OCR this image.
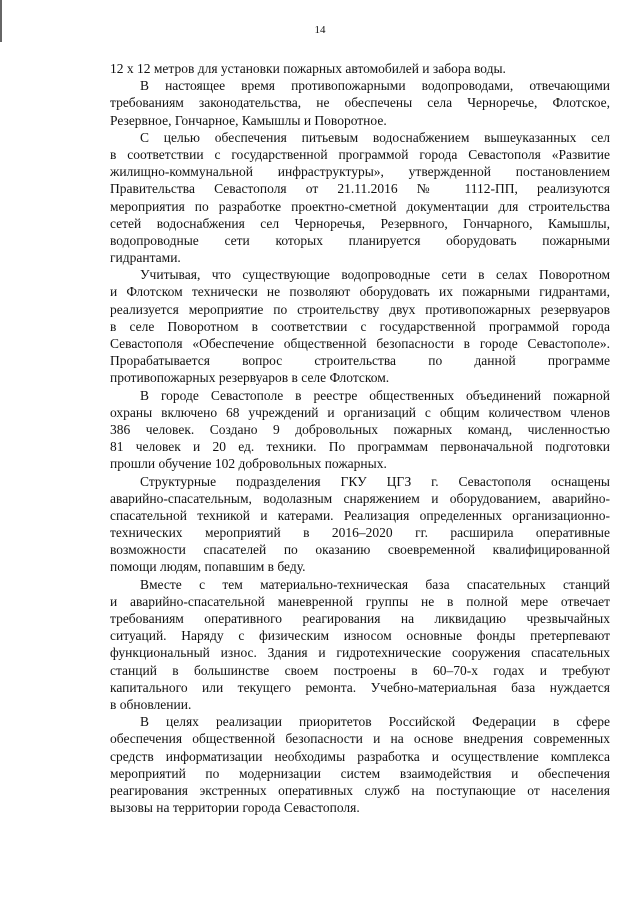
14
12 x 12 метров для установки пожарных автомобилей и забора воды.
В настоящее время противопожарными водопроводами, отвечающими
требованиям законодательства, не обеспечены села Черноречье, Флотское,
Резервное, Гончарное, Камышлы и Поворотное.
С целью обеспечения питьевым водоснабжением вышеуказанных сел
в соответствии с государственной программой города Севастополя «Развитие
жилищно-коммунальной инфраструктуры», утвержденной постановлением
Правительства Севастополя от 21.11.2016 № 1112-ПП, реализуются
мероприятия по разработке проектно-сметной документации для строительства
сетей водоснабжения сел Черноречья, Резервного, Гончарного, Камышлы,
водопроводные сети которых планируется оборудовать пожарными
гидрантами.
Учитывая, что существующие водопроводные сети в селах Поворотном
и Флотском технически не позволяют оборудовать их пожарными гидрантами,
реализуется мероприятие по строительству двух противопожарных резервуаров
в селе Поворотном в соответствии с государственной программой города
Севастополя «Обеспечение общественной безопасности в городе Севастополе».
Прорабатывается вопрос строительства по данной программе
противопожарных резервуаров в селе Флотском.
В городе Севастополе в реестре общественных объединений пожарной
охраны включено 68 учреждений и организаций с общим количеством членов
386 человек. Создано 9 добровольных пожарных команд, численностью
81 человек и 20 ед. техники. По программам первоначальной подготовки
прошли обучение 102 добровольных пожарных.
Структурные подразделения ГКУ ЦГЗ г. Севастополя оснащены
аварийно-спасательным, водолазным снаряжением и оборудованием, аварийно-
спасательной техникой и катерами. Реализация определенных организационно-
технических мероприятий в 2016–2020 гг. расширила оперативные
возможности спасателей по оказанию своевременной квалифицированной
помощи людям, попавшим в беду.
Вместе с тем материально-техническая база спасательных станций
и аварийно-спасательной маневренной группы не в полной мере отвечает
требованиям оперативного реагирования на ликвидацию чрезвычайных
ситуаций. Наряду с физическим износом основные фонды претерпевают
функциональный износ. Здания и гидротехнические сооружения спасательных
станций в большинстве своем построены в 60–70-х годах и требуют
капитального или текущего ремонта. Учебно-материальная база нуждается
в обновлении.
В целях реализации приоритетов Российской Федерации в сфере
обеспечения общественной безопасности и на основе внедрения современных
средств информатизации необходимы разработка и осуществление комплекса
мероприятий по модернизации систем взаимодействия и обеспечения
реагирования экстренных оперативных служб на поступающие от населения
вызовы на территории города Севастополя.
